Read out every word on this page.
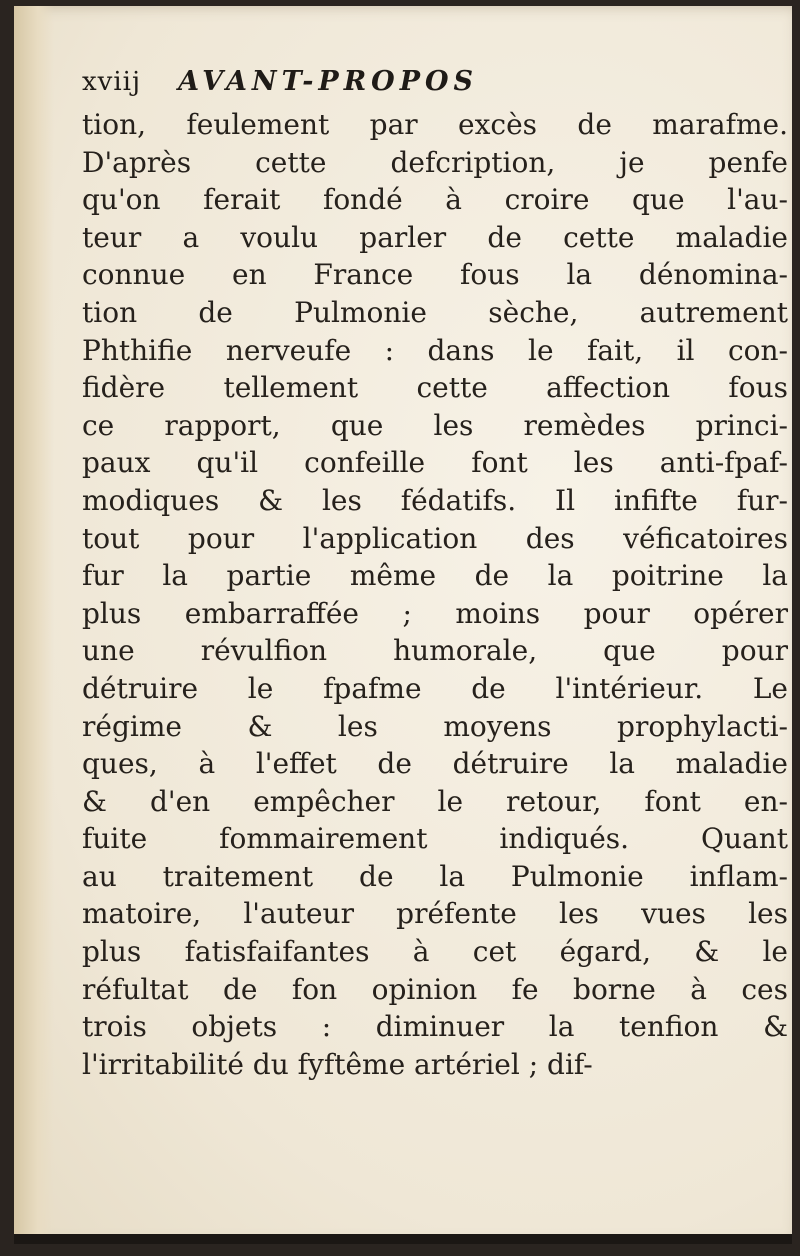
xviij AVANT-PROPOS
tion, feulement par excès de marafme.
D'après cette defcription, je penfe
qu'on ferait fondé à croire que l'au-
teur a voulu parler de cette maladie
connue en France fous la dénomina-
tion de Pulmonie sèche, autrement
Phthifie nerveufe : dans le fait, il con-
fidère tellement cette affection fous
ce rapport, que les remèdes princi-
paux qu'il confeille font les anti-fpaf-
modiques & les fédatifs. Il infifte fur-
tout pour l'application des véficatoires
fur la partie même de la poitrine la
plus embarraffée ; moins pour opérer
une révulfion humorale, que pour
détruire le fpafme de l'intérieur. Le
régime & les moyens prophylacti-
ques, à l'effet de détruire la maladie
& d'en empêcher le retour, font en-
fuite fommairement indiqués. Quant
au traitement de la Pulmonie inflam-
matoire, l'auteur préfente les vues les
plus fatisfaifantes à cet égard, & le
réfultat de fon opinion fe borne à ces
trois objets : diminuer la tenfion &
l'irritabilité du fyftême artériel ; dif-
